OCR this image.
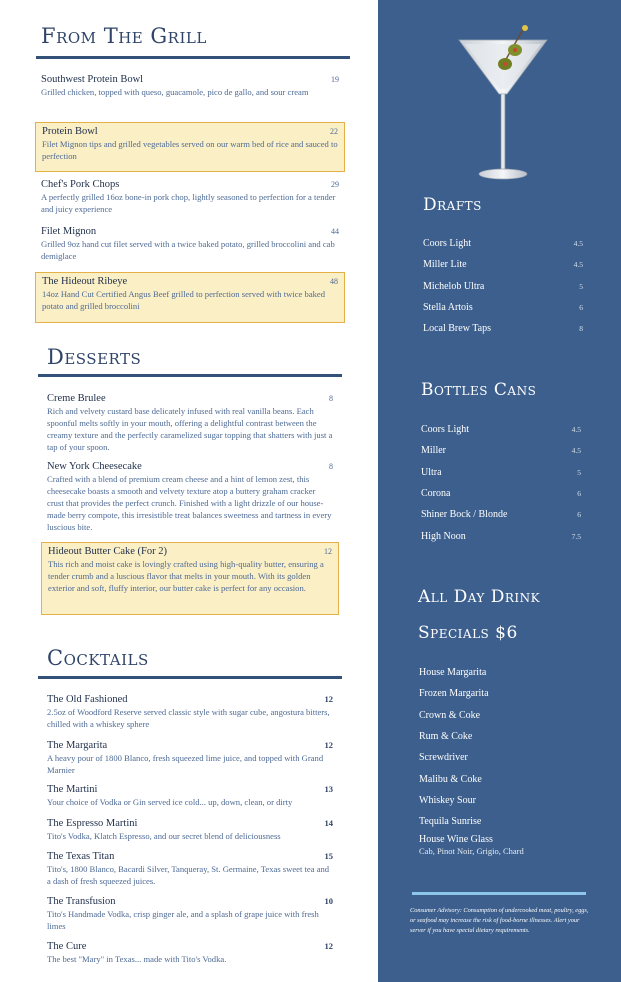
From The Grill
Southwest Protein Bowl	19
Grilled chicken, topped with queso, guacamole, pico de gallo, and sour cream
Protein Bowl	22
Filet Mignon tips and grilled vegetables served on our warm bed of rice and sauced to perfection
Chef's Pork Chops	29
A perfectly grilled 16oz bone-in pork chop, lightly seasoned to perfection for a tender and juicy experience
Filet Mignon	44
Grilled 9oz hand cut filet served with a twice baked potato, grilled broccolini and cab demiglace
The Hideout Ribeye	48
14oz Hand Cut Certified Angus Beef grilled to perfection served with twice baked potato and grilled broccolini
Desserts
Creme Brulee	8
Rich and velvety custard base delicately infused with real vanilla beans. Each spoonful melts softly in your mouth, offering a delightful contrast between the creamy texture and the perfectly caramelized sugar topping that shatters with just a tap of your spoon.
New York Cheesecake	8
Crafted with a blend of premium cream cheese and a hint of lemon zest, this cheesecake boasts a smooth and velvety texture atop a buttery graham cracker crust that provides the perfect crunch. Finished with a light drizzle of our house-made berry compote, this irresistible treat balances sweetness and tartness in every luscious bite.
Hideout Butter Cake (For 2)	12
This rich and moist cake is lovingly crafted using high-quality butter, ensuring a tender crumb and a luscious flavor that melts in your mouth. With its golden exterior and soft, fluffy interior, our butter cake is perfect for any occasion.
Cocktails
The Old Fashioned	12
2.5oz of Woodford Reserve served classic style with sugar cube, angostura bitters, chilled with a whiskey sphere
The Margarita	12
A heavy pour of 1800 Blanco, fresh squeezed lime juice, and topped with Grand Marnier
The Martini	13
Your choice of Vodka or Gin served ice cold... up, down, clean, or dirty
The Espresso Martini	14
Tito's Vodka, Klatch Espresso, and our secret blend of deliciousness
The Texas Titan	15
Tito's, 1800 Blanco, Bacardi Silver, Tanqueray, St. Germaine, Texas sweet tea and a dash of fresh squeezed juices.
The Transfusion	10
Tito's Handmade Vodka, crisp ginger ale, and a splash of grape juice with fresh limes
The Cure	12
The best "Mary" in Texas... made with Tito's Vodka.
Drafts
Coors Light	4.5
Miller Lite	4.5
Michelob Ultra	5
Stella Artois	6
Local Brew Taps	8
Bottles Cans
Coors Light	4.5
Miller	4.5
Ultra	5
Corona	6
Shiner Bock / Blonde	6
High Noon	7.5
All Day Drink
Specials $6
House Margarita
Frozen Margarita
Crown & Coke
Rum & Coke
Screwdriver
Malibu & Coke
Whiskey Sour
Tequila Sunrise
House Wine Glass
Cab, Pinot Noir, Grigio, Chard
Consumer Advisory: Consumption of undercooked meat, poultry, eggs, or seafood may increase the risk of food-borne illnesses. Alert your server if you have special dietary requirements.
